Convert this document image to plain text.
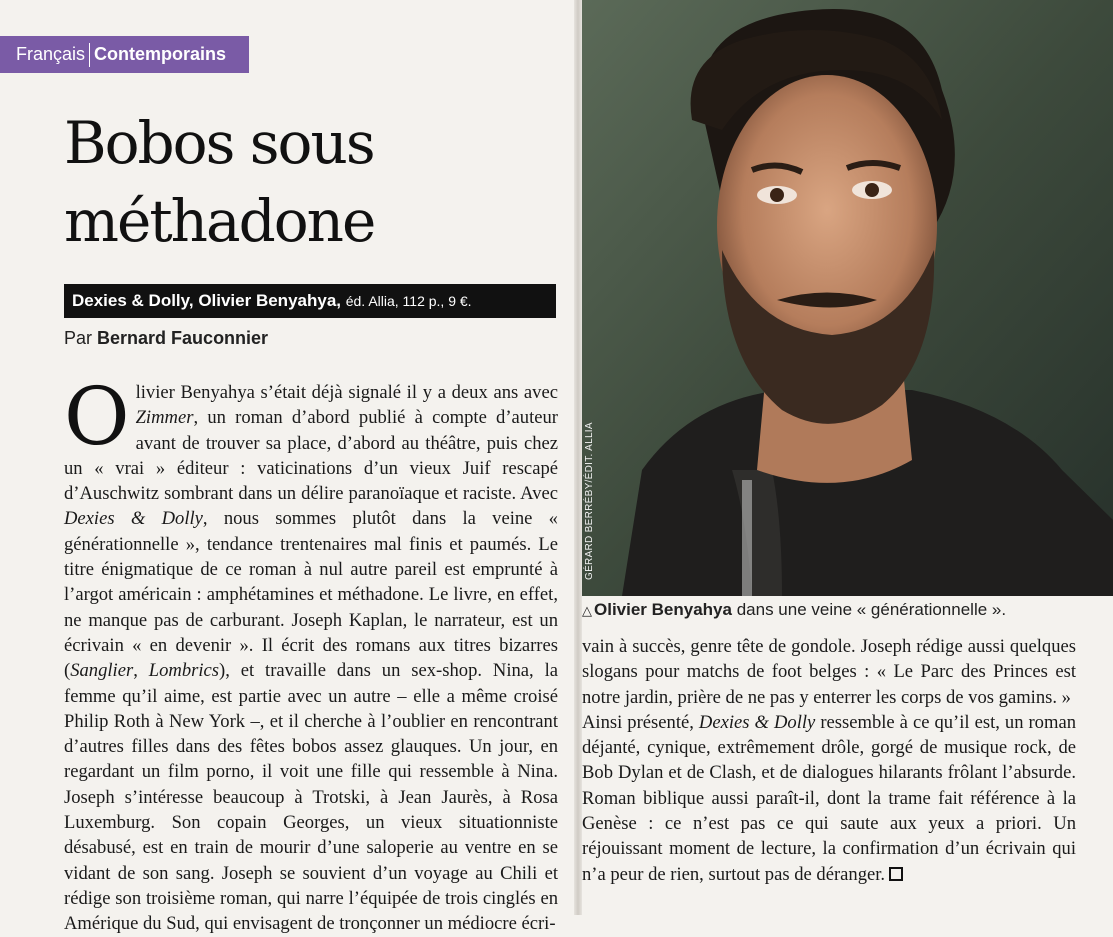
Français Contemporains
Bobos sous
méthadone
Dexies & Dolly, Olivier Benyahya, éd. Allia, 112 p., 9 €.
Par Bernard Fauconnier

Olivier Benyahya s’était déjà signalé il y a deux ans avec Zimmer, un roman d’abord publié à compte d’auteur avant de trouver sa place, d’abord au théâtre, puis chez un « vrai » éditeur : vaticinations d’un vieux Juif rescapé d’Auschwitz sombrant dans un délire paranoïaque et raciste. Avec Dexies & Dolly, nous sommes plutôt dans la veine « générationnelle », tendance trentenaires mal finis et paumés. Le titre énigmatique de ce roman à nul autre pareil est emprunté à l’argot américain : amphétamines et méthadone. Le livre, en effet, ne manque pas de carburant. Joseph Kaplan, le narrateur, est un écrivain « en devenir ». Il écrit des romans aux titres bizarres (Sanglier, Lombrics), et travaille dans un sex-shop. Nina, la femme qu’il aime, est partie avec un autre – elle a même croisé Philip Roth à New York –, et il cherche à l’oublier en rencontrant d’autres filles dans des fêtes bobos assez glauques. Un jour, en regardant un film porno, il voit une fille qui ressemble à Nina. Joseph s’intéresse beaucoup à Trotski, à Jean Jaurès, à Rosa Luxemburg. Son copain Georges, un vieux situationniste désabusé, est en train de mourir d’une saloperie au ventre en se vidant de son sang. Joseph se souvient d’un voyage au Chili et rédige son troisième roman, qui narre l’équipée de trois cinglés en Amérique du Sud, qui envisagent de tronçonner un médiocre écri-

GÉRARD BERRÉBY/ÉDIT. ALLIA
△ Olivier Benyahya dans une veine « générationnelle ».
vain à succès, genre tête de gondole. Joseph rédige aussi quelques slogans pour matchs de foot belges : « Le Parc des Princes est notre jardin, prière de ne pas y enterrer les corps de vos gamins. »
Ainsi présenté, Dexies & Dolly ressemble à ce qu’il est, un roman déjanté, cynique, extrêmement drôle, gorgé de musique rock, de Bob Dylan et de Clash, et de dialogues hilarants frôlant l’absurde. Roman biblique aussi paraît-il, dont la trame fait référence à la Genèse : ce n’est pas ce qui saute aux yeux a priori. Un réjouissant moment de lecture, la confirmation d’un écrivain qui n’a peur de rien, surtout pas de déranger.
